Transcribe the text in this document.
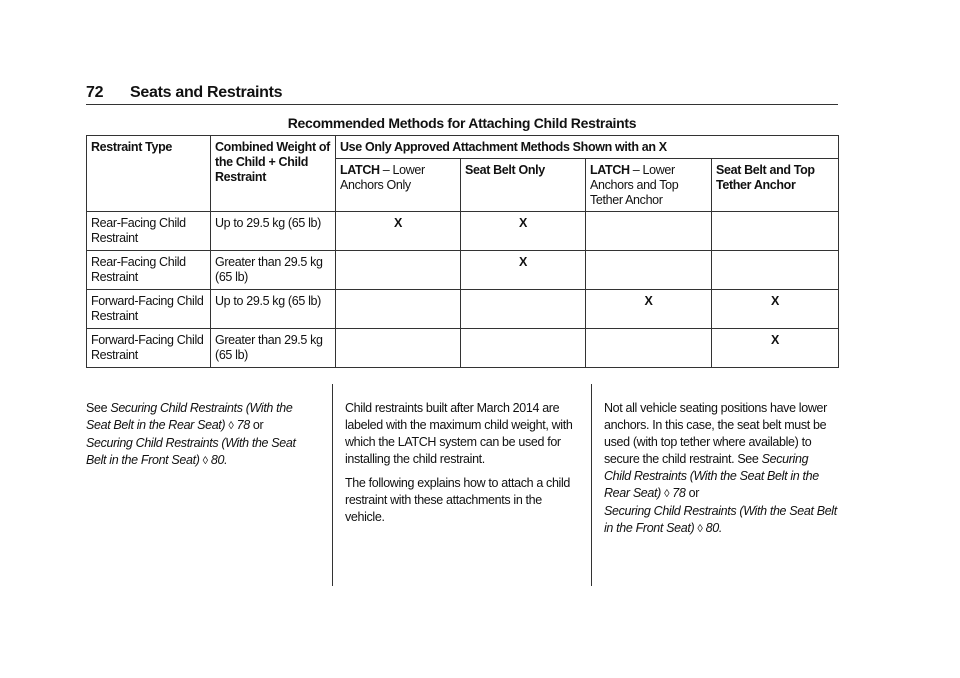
72 Seats and Restraints
Recommended Methods for Attaching Child Restraints
Restraint Type	Combined Weight of the Child + Child Restraint	Use Only Approved Attachment Methods Shown with an X			
		LATCH – Lower Anchors Only	Seat Belt Only	LATCH – Lower Anchors and Top Tether Anchor	Seat Belt and Top Tether Anchor
Rear-Facing Child Restraint	Up to 29.5 kg (65 lb)	X	X		
Rear-Facing Child Restraint	Greater than 29.5 kg (65 lb)		X		
Forward-Facing Child Restraint	Up to 29.5 kg (65 lb)			X	X
Forward-Facing Child Restraint	Greater than 29.5 kg (65 lb)				X

See Securing Child Restraints (With the Seat Belt in the Rear Seat) ◊ 78 or
Securing Child Restraints (With the Seat Belt in the Front Seat) ◊ 80.

Child restraints built after March 2014 are labeled with the maximum child weight, with which the LATCH system can be used for installing the child restraint.

The following explains how to attach a child restraint with these attachments in the vehicle.

Not all vehicle seating positions have lower anchors. In this case, the seat belt must be used (with top tether where available) to secure the child restraint. See Securing Child Restraints (With the Seat Belt in the Rear Seat) ◊ 78 or
Securing Child Restraints (With the Seat Belt in the Front Seat) ◊ 80.
